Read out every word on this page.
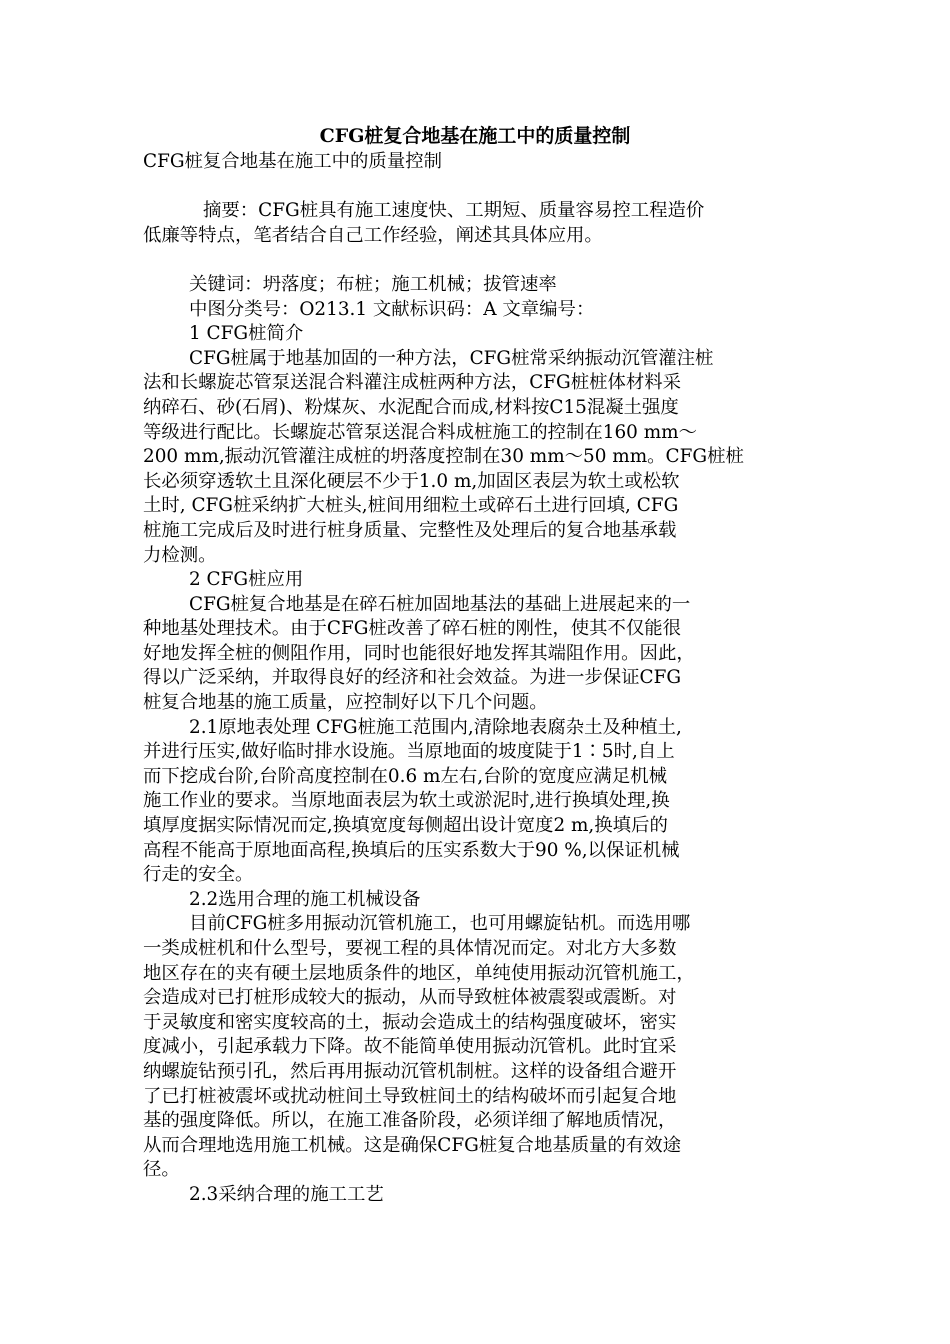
CFG桩复合地基在施工中的质量控制
CFG桩复合地基在施工中的质量控制
摘要：CFG桩具有施工速度快、工期短、质量容易控工程造价
低廉等特点，笔者结合自己工作经验，阐述其具体应用。
关键词：坍落度；布桩；施工机械；拔管速率
中图分类号：O213.1 文献标识码：A 文章编号：
1 CFG桩简介
CFG桩属于地基加固的一种方法，CFG桩常采纳振动沉管灌注桩
法和长螺旋芯管泵送混合料灌注成桩两种方法，CFG桩桩体材料采
纳碎石、砂(石屑)、粉煤灰、水泥配合而成,材料按C15混凝土强度
等级进行配比。长螺旋芯管泵送混合料成桩施工的控制在160 mm～
200 mm,振动沉管灌注成桩的坍落度控制在30 mm～50 mm。CFG桩桩
长必须穿透软土且深化硬层不少于1.0 m,加固区表层为软土或松软
土时, CFG桩采纳扩大桩头,桩间用细粒土或碎石土进行回填, CFG
桩施工完成后及时进行桩身质量、完整性及处理后的复合地基承载
力检测。
2 CFG桩应用
CFG桩复合地基是在碎石桩加固地基法的基础上进展起来的一
种地基处理技术。由于CFG桩改善了碎石桩的刚性，使其不仅能很
好地发挥全桩的侧阻作用，同时也能很好地发挥其端阻作用。因此，
得以广泛采纳，并取得良好的经济和社会效益。为进一步保证CFG
桩复合地基的施工质量，应控制好以下几个问题。
2.1原地表处理 CFG桩施工范围内,清除地表腐杂土及种植土,
并进行压实,做好临时排水设施。当原地面的坡度陡于1∶5时,自上
而下挖成台阶,台阶高度控制在0.6 m左右,台阶的宽度应满足机械
施工作业的要求。当原地面表层为软土或淤泥时,进行换填处理,换
填厚度据实际情况而定,换填宽度每侧超出设计宽度2 m,换填后的
高程不能高于原地面高程,换填后的压实系数大于90 %,以保证机械
行走的安全。
2.2选用合理的施工机械设备
目前CFG桩多用振动沉管机施工，也可用螺旋钻机。而选用哪
一类成桩机和什么型号，要视工程的具体情况而定。对北方大多数
地区存在的夹有硬土层地质条件的地区，单纯使用振动沉管机施工，
会造成对已打桩形成较大的振动，从而导致桩体被震裂或震断。对
于灵敏度和密实度较高的土，振动会造成土的结构强度破坏，密实
度减小，引起承载力下降。故不能简单使用振动沉管机。此时宜采
纳螺旋钻预引孔，然后再用振动沉管机制桩。这样的设备组合避开
了已打桩被震坏或扰动桩间土导致桩间土的结构破坏而引起复合地
基的强度降低。所以，在施工准备阶段，必须详细了解地质情况，
从而合理地选用施工机械。这是确保CFG桩复合地基质量的有效途
径。
2.3采纳合理的施工工艺
